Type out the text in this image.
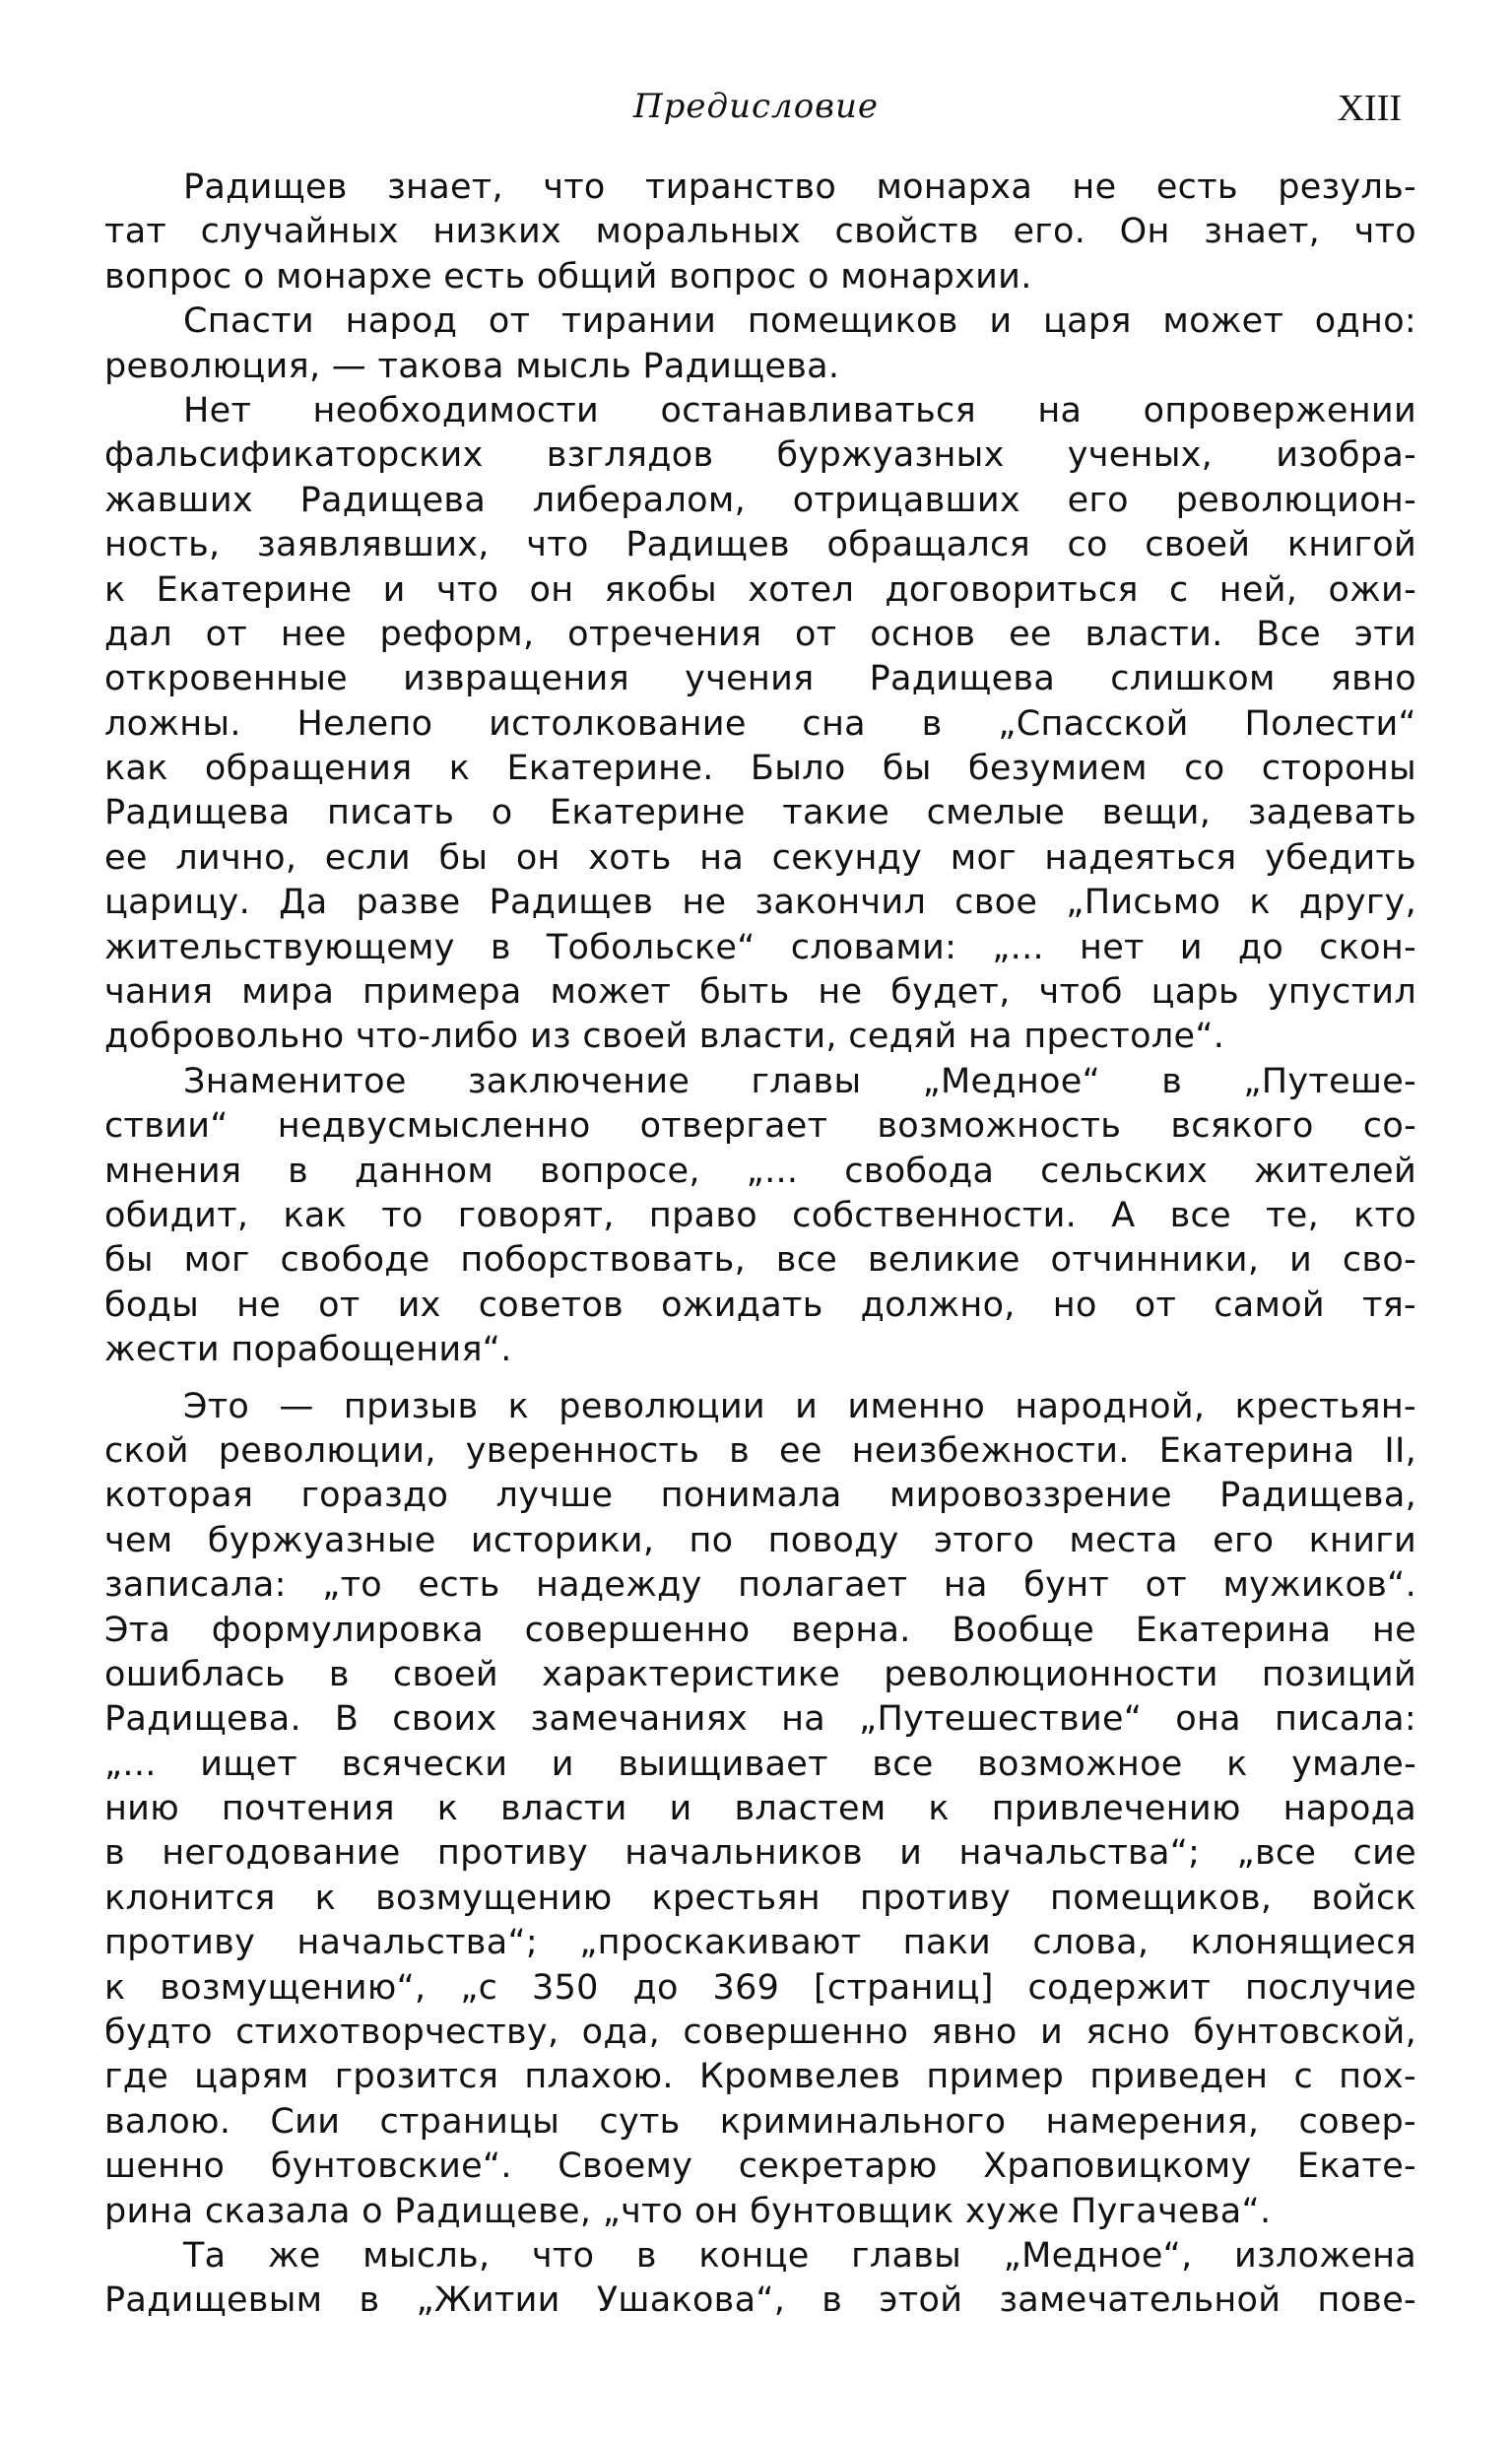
Предисловие	XIII
Радищев знает, что тиранство монарха не есть резуль-
тат случайных низких моральных свойств его. Он знает, что
вопрос о монархе есть общий вопрос о монархии.
Спасти народ от тирании помещиков и царя может одно:
революция, — такова мысль Радищева.
Нет необходимости останавливаться на опровержении
фальсификаторских взглядов буржуазных ученых, изобра-
жавших Радищева либералом, отрицавших его революцион-
ность, заявлявших, что Радищев обращался со своей книгой
к Екатерине и что он якобы хотел договориться с ней, ожи-
дал от нее реформ, отречения от основ ее власти. Все эти
откровенные извращения учения Радищева слишком явно
ложны. Нелепо истолкование сна в „Спасской Полести“
как обращения к Екатерине. Было бы безумием со стороны
Радищева писать о Екатерине такие смелые вещи, задевать
ее лично, если бы он хоть на секунду мог надеяться убедить
царицу. Да разве Радищев не закончил свое „Письмо к другу,
жительствующему в Тобольске“ словами: „... нет и до скон-
чания мира примера может быть не будет, чтоб царь упустил
добровольно что-либо из своей власти, седяй на престоле“.
Знаменитое заключение главы „Медное“ в „Путеше-
ствии“ недвусмысленно отвергает возможность всякого со-
мнения в данном вопросе, „... свобода сельских жителей
обидит, как то говорят, право собственности. А все те, кто
бы мог свободе поборствовать, все великие отчинники, и сво-
боды не от их советов ожидать должно, но от самой тя-
жести порабощения“.
Это — призыв к революции и именно народной, крестьян-
ской революции, уверенность в ее неизбежности. Екатерина II,
которая гораздо лучше понимала мировоззрение Радищева,
чем буржуазные историки, по поводу этого места его книги
записала: „то есть надежду полагает на бунт от мужиков“.
Эта формулировка совершенно верна. Вообще Екатерина не
ошиблась в своей характеристике революционности позиций
Радищева. В своих замечаниях на „Путешествие“ она писала:
„... ищет всячески и выищивает все возможное к умале-
нию почтения к власти и властем к привлечению народа
в негодование противу начальников и начальства“; „все сие
клонится к возмущению крестьян противу помещиков, войск
противу начальства“; „проскакивают паки слова, клонящиеся
к возмущению“, „с 350 до 369 [страниц] содержит послучие
будто стихотворчеству, ода, совершенно явно и ясно бунтовской,
где царям грозится плахою. Кромвелев пример приведен с пох-
валою. Сии страницы суть криминального намерения, совер-
шенно бунтовские“. Своему секретарю Храповицкому Екате-
рина сказала о Радищеве, „что он бунтовщик хуже Пугачева“.
Та же мысль, что в конце главы „Медное“, изложена
Радищевым в „Житии Ушакова“, в этой замечательной пове-
